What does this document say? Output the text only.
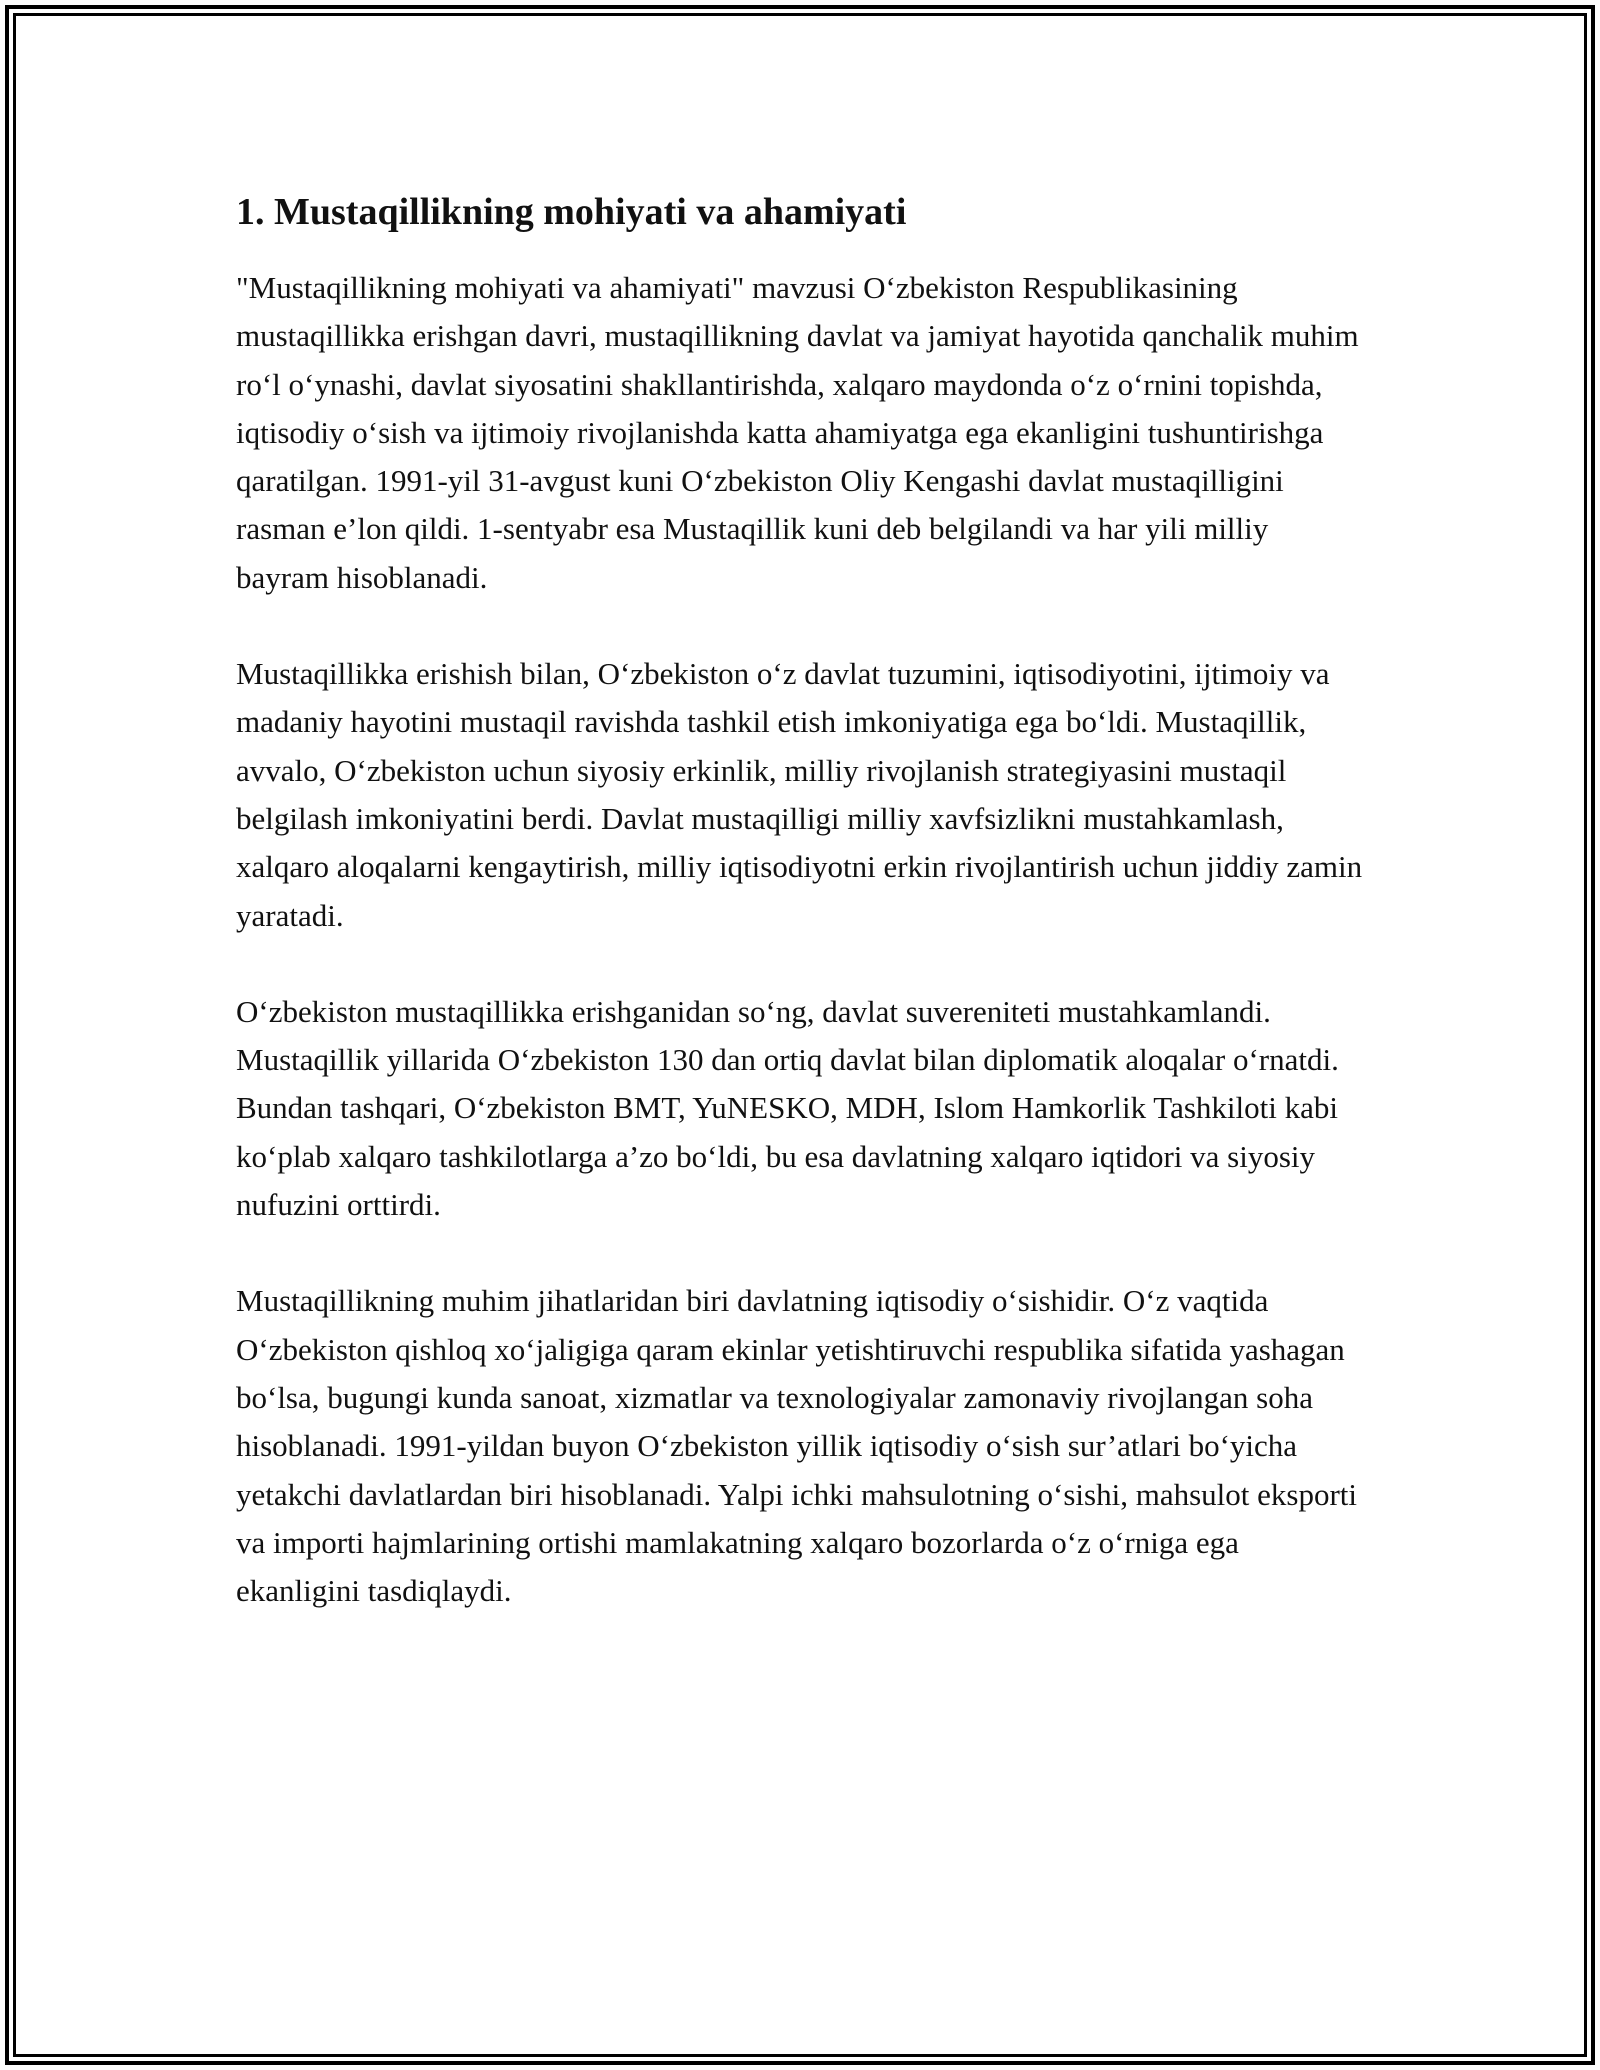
1. Mustaqillikning mohiyati va ahamiyati

"Mustaqillikning mohiyati va ahamiyati" mavzusi O‘zbekiston Respublikasining mustaqillikka erishgan davri, mustaqillikning davlat va jamiyat hayotida qanchalik muhim ro‘l o‘ynashi, davlat siyosatini shakllantirishda, xalqaro maydonda o‘z o‘rnini topishda, iqtisodiy o‘sish va ijtimoiy rivojlanishda katta ahamiyatga ega ekanligini tushuntirishga qaratilgan. 1991-yil 31-avgust kuni O‘zbekiston Oliy Kengashi davlat mustaqilligini rasman e’lon qildi. 1-sentyabr esa Mustaqillik kuni deb belgilandi va har yili milliy bayram hisoblanadi.

Mustaqillikka erishish bilan, O‘zbekiston o‘z davlat tuzumini, iqtisodiyotini, ijtimoiy va madaniy hayotini mustaqil ravishda tashkil etish imkoniyatiga ega bo‘ldi. Mustaqillik, avvalo, O‘zbekiston uchun siyosiy erkinlik, milliy rivojlanish strategiyasini mustaqil belgilash imkoniyatini berdi. Davlat mustaqilligi milliy xavfsizlikni mustahkamlash, xalqaro aloqalarni kengaytirish, milliy iqtisodiyotni erkin rivojlantirish uchun jiddiy zamin yaratadi.

O‘zbekiston mustaqillikka erishganidan so‘ng, davlat suvereniteti mustahkamlandi. Mustaqillik yillarida O‘zbekiston 130 dan ortiq davlat bilan diplomatik aloqalar o‘rnatdi. Bundan tashqari, O‘zbekiston BMT, YuNESKO, MDH, Islom Hamkorlik Tashkiloti kabi ko‘plab xalqaro tashkilotlarga a’zo bo‘ldi, bu esa davlatning xalqaro iqtidori va siyosiy nufuzini orttirdi.

Mustaqillikning muhim jihatlaridan biri davlatning iqtisodiy o‘sishidir. O‘z vaqtida O‘zbekiston qishloq xo‘jaligiga qaram ekinlar yetishtiruvchi respublika sifatida yashagan bo‘lsa, bugungi kunda sanoat, xizmatlar va texnologiyalar zamonaviy rivojlangan soha hisoblanadi. 1991-yildan buyon O‘zbekiston yillik iqtisodiy o‘sish sur’atlari bo‘yicha yetakchi davlatlardan biri hisoblanadi. Yalpi ichki mahsulotning o‘sishi, mahsulot eksporti va importi hajmlarining ortishi mamlakatning xalqaro bozorlarda o‘z o‘rniga ega ekanligini tasdiqlaydi.
